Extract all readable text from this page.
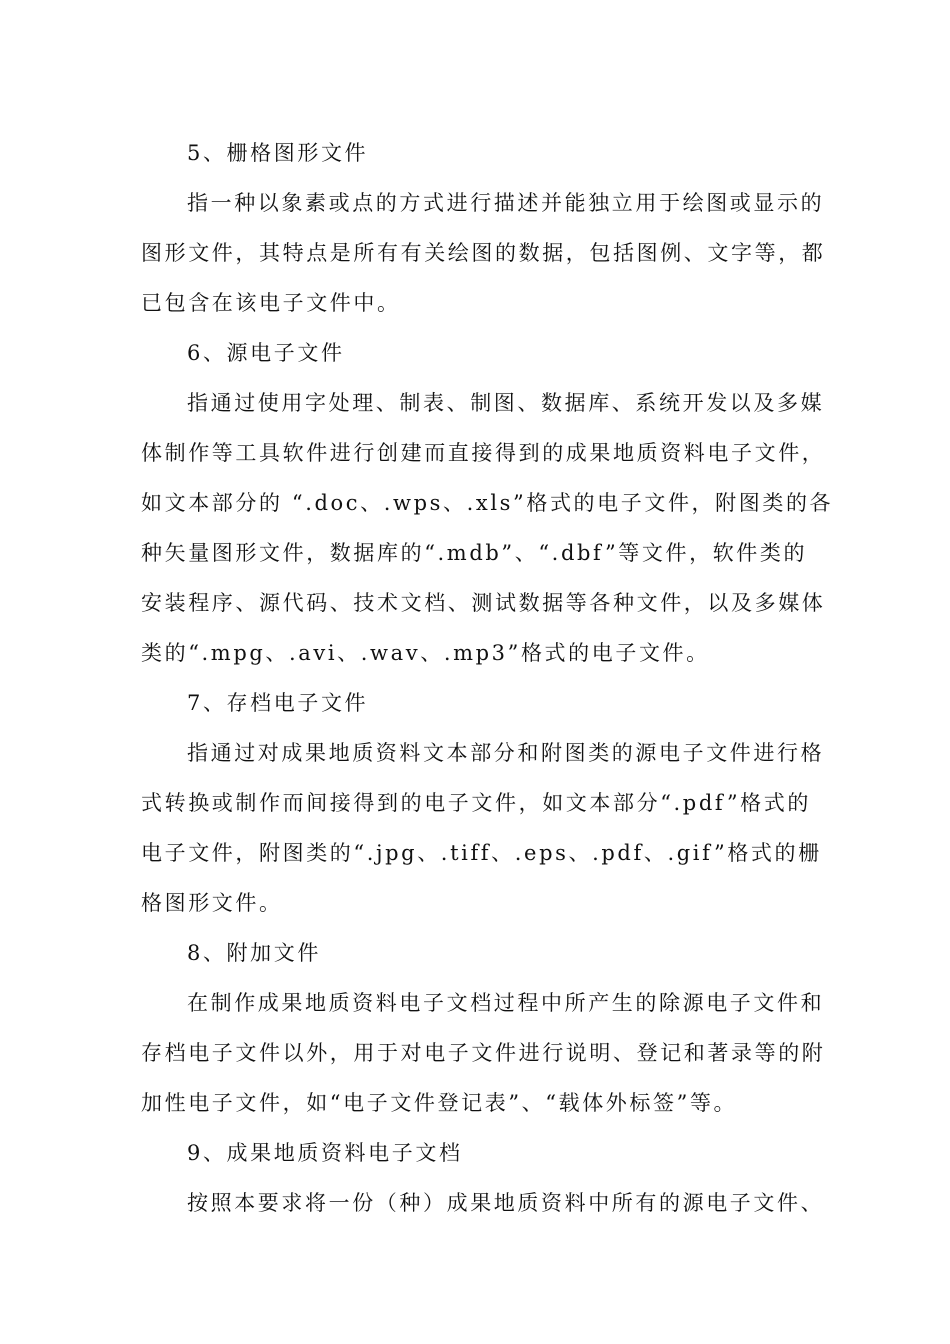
5、栅格图形文件
指一种以象素或点的方式进行描述并能独立用于绘图或显示的
图形文件，其特点是所有有关绘图的数据，包括图例、文字等，都
已包含在该电子文件中。
6、源电子文件
指通过使用字处理、制表、制图、数据库、系统开发以及多媒
体制作等工具软件进行创建而直接得到的成果地质资料电子文件，
如文本部分的 “.doc、.wps、.xls”格式的电子文件，附图类的各
种矢量图形文件，数据库的“.mdb”、“.dbf”等文件，软件类的
安装程序、源代码、技术文档、测试数据等各种文件，以及多媒体
类的“.mpg、.avi、.wav、.mp3”格式的电子文件。
7、存档电子文件
指通过对成果地质资料文本部分和附图类的源电子文件进行格
式转换或制作而间接得到的电子文件，如文本部分“.pdf”格式的
电子文件，附图类的“.jpg、.tiff、.eps、.pdf、.gif”格式的栅
格图形文件。
8、附加文件
在制作成果地质资料电子文档过程中所产生的除源电子文件和
存档电子文件以外，用于对电子文件进行说明、登记和著录等的附
加性电子文件，如“电子文件登记表”、“载体外标签”等。
9、成果地质资料电子文档
按照本要求将一份（种）成果地质资料中所有的源电子文件、
